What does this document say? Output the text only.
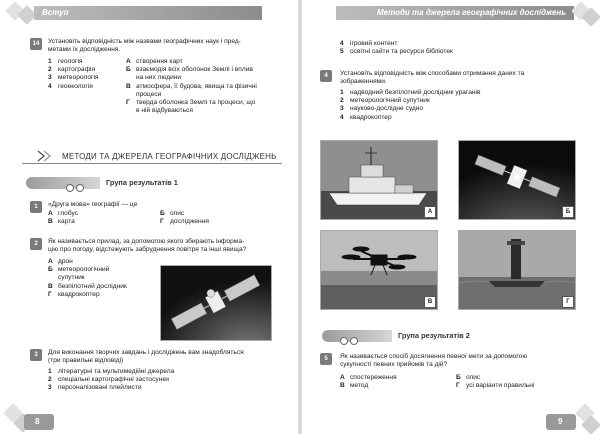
Вступ
14	Установіть відповідність між назвами географічних наук і пред-
метами їх дослідження.
1 геологія
2 картографія
3 метеорологія
4 геоекологія
А створення карт
Б взаємодія всіх оболонок Землі і вплив
на них людини
В атмосфера, її будова, явища та фізичні
процеси
Г тверда оболонка Землі та процеси, що
в ній відбуваються
МЕТОДИ ТА ДЖЕРЕЛА ГЕОГРАФІЧНИХ ДОСЛІДЖЕНЬ
Група результатів 1
1	«Друга мова» географії — це
А глобус
В карта
Б опис
Г дослідження
2	Як називається прилад, за допомогою якого збирають інформа-
цію про погоду, відстежують забруднення повітря та інші явища?
А дрон
Б метеорологічний
супутник
В безпілотний дослідник
Г квадрокоптер
3	Для виконання творчих завдань і досліджень вам знадобляться
(три правильні відповіді)
1 літературні та мультимедійні джерела
2 спеціальні картографічні застосунки
3 персоналізовані плейлисти
8
Методи та джерела географічних досліджень
4 ігровий контент
5 освітні сайти та ресурси бібліотек
4	Установіть відповідність між способами отримання даних та
зображеннями.
1 надводний безпілотний дослідник ураганів
2 метеорологічний супутник
3 науково-дослідне судно
4 квадрокоптер
А	Б
В	Г
Група результатів 2
5	Як називається спосіб досягнення певної мети за допомогою
сукупності певних прийомів та дій?
А спостереження
В метод
Б опис
Г усі варіанти правильні
9
